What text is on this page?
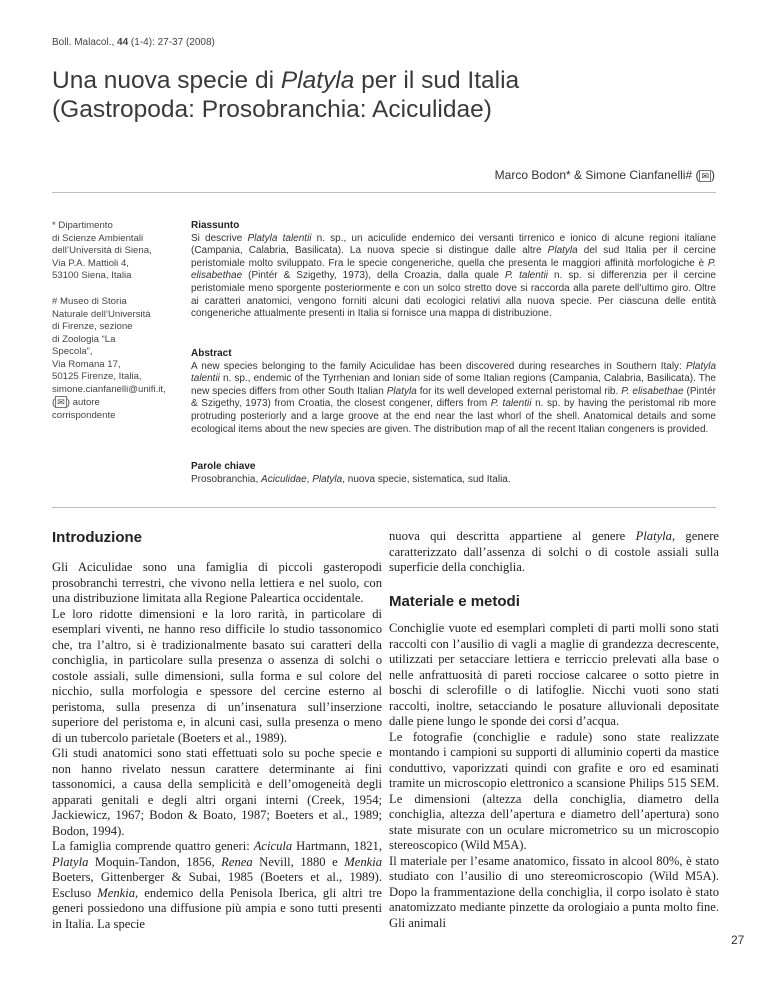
Boll. Malacol., 44 (1-4): 27-37 (2008)
Una nuova specie di Platyla per il sud Italia
(Gastropoda: Prosobranchia: Aciculidae)
Marco Bodon* & Simone Cianfanelli# ( ✉ )
* Dipartimento
di Scienze Ambientali
dell’Università di Siena,
Via P.A. Mattioli 4,
53100 Siena, Italia
# Museo di Storia
Naturale dell’Università
di Firenze, sezione
di Zoologia “La Specola”,
Via Romana 17,
50125 Firenze, Italia,
simone.cianfanelli@unifi.it,
( ✉ ) autore corrispondente
Riassunto
Si descrive Platyla talentii n. sp., un aciculide endemico dei versanti tirrenico e ionico di alcune regioni italiane (Campania, Calabria, Basilicata). La nuova specie si distingue dalle altre Platyla del sud Italia per il cercine peristomiale molto sviluppato. Fra le specie congeneriche, quella che presenta le maggiori affinità morfologiche è P. elisabethae (Pintér & Szigethy, 1973), della Croazia, dalla quale P. talentii n. sp. si differenzia per il cercine peristomiale meno sporgente posteriormente e con un solco stretto dove si raccorda alla parete dell’ultimo giro. Oltre ai caratteri anatomici, vengono forniti alcuni dati ecologici relativi alla nuova specie. Per ciascuna delle entità congeneriche attualmente presenti in Italia si fornisce una mappa di distribuzione.
Abstract
A new species belonging to the family Aciculidae has been discovered during researches in Southern Italy: Platyla talentii n. sp., endemic of the Tyrrhenian and Ionian side of some Italian regions (Campania, Calabria, Basilicata). The new species differs from other South Italian Platyla for its well developed external peristomal rib. P. elisabethae (Pintér & Szigethy, 1973) from Croatia, the closest congener, differs from P. talentii n. sp. by having the peristomal rib more protruding posteriorly and a large groove at the end near the last whorl of the shell. Anatomical details and some ecological items about the new species are given. The distribution map of all the recent Italian congeners is provided.
Parole chiave
Prosobranchia, Aciculidae, Platyla, nuova specie, sistematica, sud Italia.
Introduzione

Gli Aciculidae sono una famiglia di piccoli gasteropodi prosobranchi terrestri, che vivono nella lettiera e nel suolo, con una distribuzione limitata alla Regione Paleartica occidentale.

Le loro ridotte dimensioni e la loro rarità, in particolare di esemplari viventi, ne hanno reso difficile lo studio tassonomico che, tra l’altro, si è tradizionalmente basato sui caratteri della conchiglia, in particolare sulla presenza o assenza di solchi o costole assiali, sulle dimensioni, sulla forma e sul colore del nicchio, sulla morfologia e spessore del cercine esterno al peristoma, sulla presenza di un’insenatura sull’inserzione superiore del peristoma e, in alcuni casi, sulla presenza o meno di un tubercolo parietale (Boeters et al., 1989).

Gli studi anatomici sono stati effettuati solo su poche specie e non hanno rivelato nessun carattere determinante ai fini tassonomici, a causa della semplicità e dell’omogeneità degli apparati genitali e degli altri organi interni (Creek, 1954; Jackiewicz, 1967; Bodon & Boato, 1987; Boeters et al., 1989; Bodon, 1994).

La famiglia comprende quattro generi: Acicula Hartmann, 1821, Platyla Moquin-Tandon, 1856, Renea Nevill, 1880 e Menkia Boeters, Gittenberger & Subai, 1985 (Boeters et al., 1989). Escluso Menkia, endemico della Penisola Iberica, gli altri tre generi possiedono una diffusione più ampia e sono tutti presenti in Italia. La specie

nuova qui descritta appartiene al genere Platyla, genere caratterizzato dall’assenza di solchi o di costole assiali sulla superficie della conchiglia.

Materiale e metodi

Conchiglie vuote ed esemplari completi di parti molli sono stati raccolti con l’ausilio di vagli a maglie di grandezza decrescente, utilizzati per setacciare lettiera e terriccio prelevati alla base o nelle anfrattuosità di pareti rocciose calcaree o sotto pietre in boschi di sclerofille o di latifoglie. Nicchi vuoti sono stati raccolti, inoltre, setacciando le posature alluvionali depositate dalle piene lungo le sponde dei corsi d’acqua.

Le fotografie (conchiglie e radule) sono state realizzate montando i campioni su supporti di alluminio coperti da mastice conduttivo, vaporizzati quindi con grafite e oro ed esaminati tramite un microscopio elettronico a scansione Philips 515 SEM. Le dimensioni (altezza della conchiglia, diametro della conchiglia, altezza dell’apertura e diametro dell’apertura) sono state misurate con un oculare micrometrico su un microscopio stereoscopico (Wild M5A).

Il materiale per l’esame anatomico, fissato in alcool 80%, è stato studiato con l’ausilio di uno stereomicroscopio (Wild M5A). Dopo la frammentazione della conchiglia, il corpo isolato è stato anatomizzato mediante pinzette da orologiaio a punta molto fine. Gli animali

27
